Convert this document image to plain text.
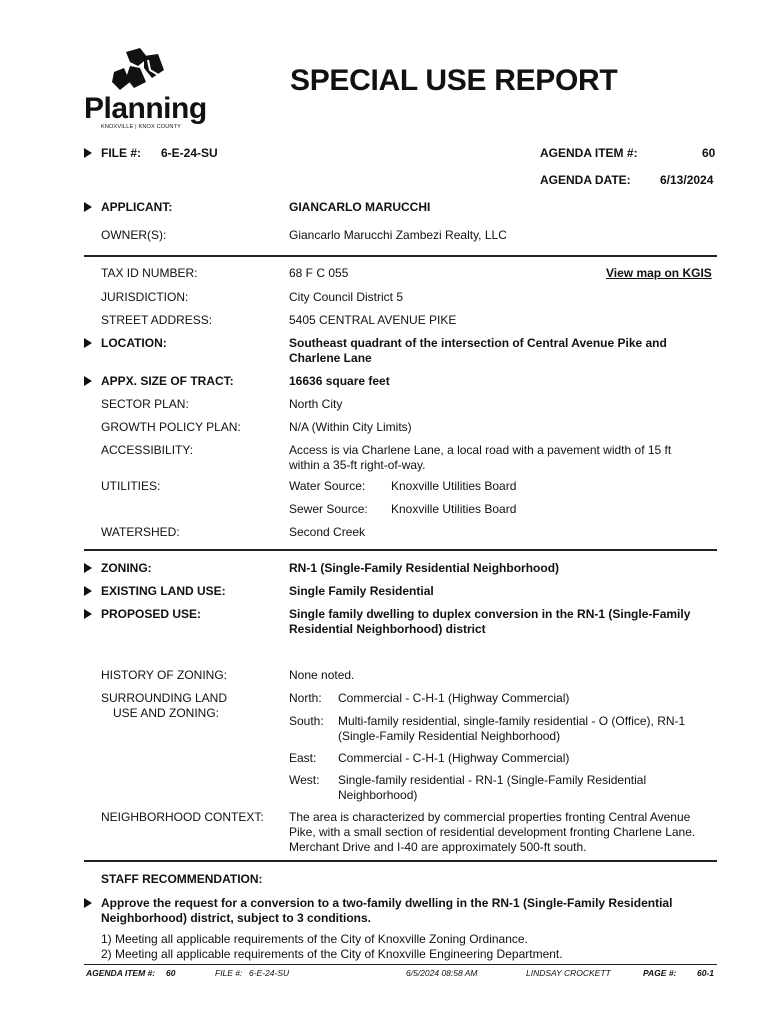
Planning
KNOXVILLE | KNOX COUNTY
SPECIAL USE REPORT
FILE #: 6-E-24-SU	AGENDA ITEM #:	60
AGENDA DATE: 6/13/2024
APPLICANT:	GIANCARLO MARUCCHI
OWNER(S):	Giancarlo Marucchi Zambezi Realty, LLC
TAX ID NUMBER:	68 F C 055	View map on KGIS
JURISDICTION:	City Council District 5
STREET ADDRESS:	5405 CENTRAL AVENUE PIKE
LOCATION:	Southeast quadrant of the intersection of Central Avenue Pike and Charlene Lane
APPX. SIZE OF TRACT:	16636 square feet
SECTOR PLAN:	North City
GROWTH POLICY PLAN:	N/A (Within City Limits)
ACCESSIBILITY:	Access is via Charlene Lane, a local road with a pavement width of 15 ft within a 35-ft right-of-way.
UTILITIES:	Water Source: Knoxville Utilities Board
Sewer Source: Knoxville Utilities Board
WATERSHED:	Second Creek
ZONING:	RN-1 (Single-Family Residential Neighborhood)
EXISTING LAND USE:	Single Family Residential
PROPOSED USE:	Single family dwelling to duplex conversion in the RN-1 (Single-Family Residential Neighborhood) district
HISTORY OF ZONING:	None noted.
SURROUNDING LAND
USE AND ZONING:
North: Commercial - C-H-1 (Highway Commercial)
South: Multi-family residential, single-family residential - O (Office), RN-1 (Single-Family Residential Neighborhood)
East: Commercial - C-H-1 (Highway Commercial)
West: Single-family residential - RN-1 (Single-Family Residential Neighborhood)
NEIGHBORHOOD CONTEXT: The area is characterized by commercial properties fronting Central Avenue Pike, with a small section of residential development fronting Charlene Lane. Merchant Drive and I-40 are approximately 500-ft south.
STAFF RECOMMENDATION:
Approve the request for a conversion to a two-family dwelling in the RN-1 (Single-Family Residential Neighborhood) district, subject to 3 conditions.
1) Meeting all applicable requirements of the City of Knoxville Zoning Ordinance.
2) Meeting all applicable requirements of the City of Knoxville Engineering Department.
AGENDA ITEM #: 60	FILE #: 6-E-24-SU	6/5/2024 08:58 AM	LINDSAY CROCKETT	PAGE #: 60-1
